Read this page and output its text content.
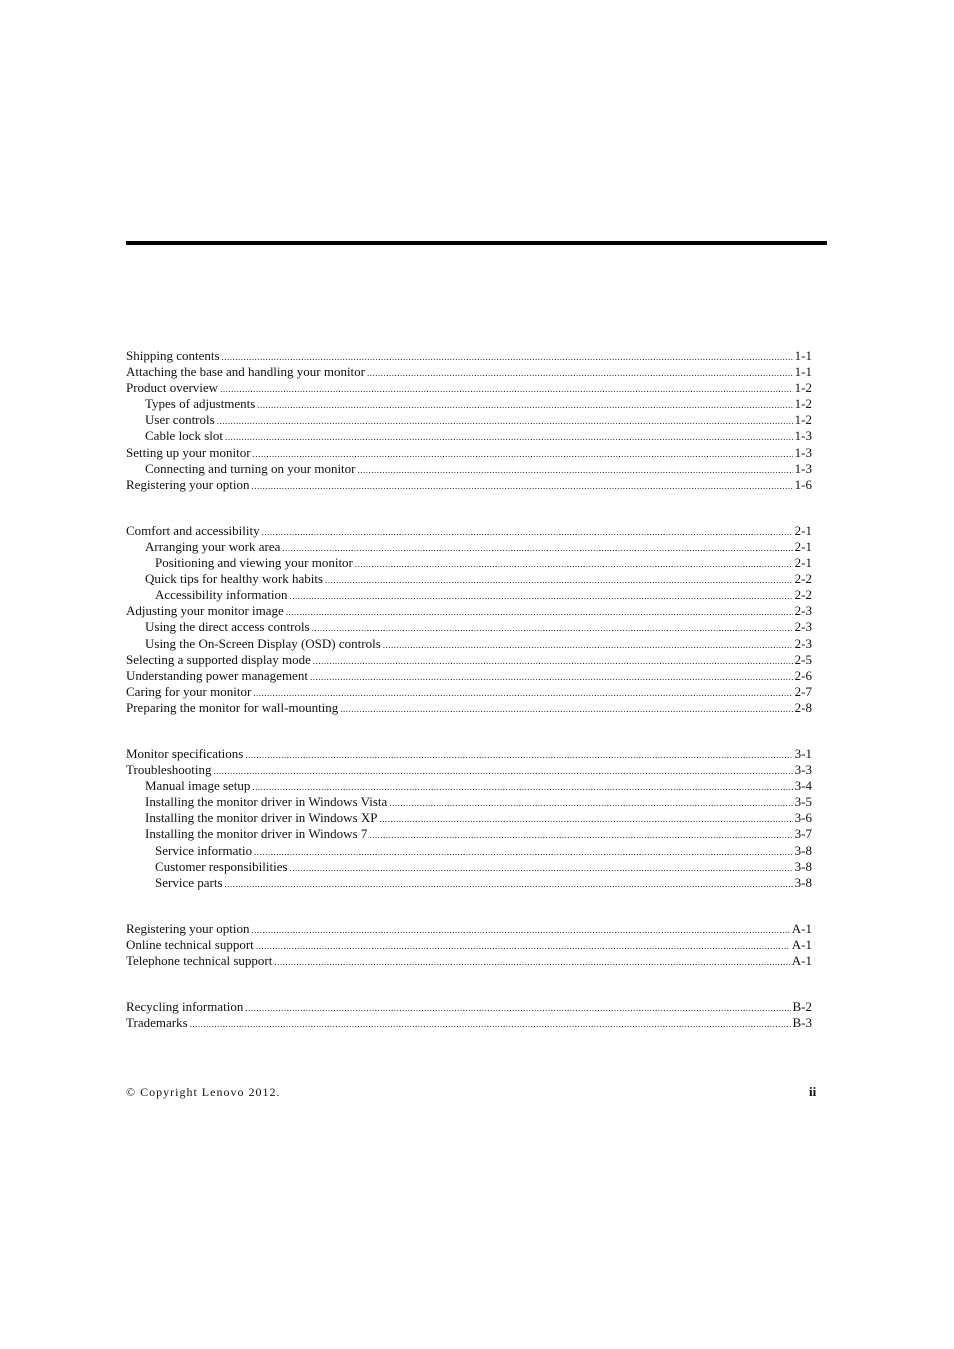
Shipping contents .....	1-1
Attaching the base and handling your monitor .....	1-1
Product overview .....	1-2
Types of adjustments .....	1-2
User controls .....	1-2
Cable lock slot .....	1-3
Setting up your monitor .....	1-3
Connecting and turning on your monitor .....	1-3
Registering your option .....	1-6
Comfort and accessibility .....	2-1
Arranging your work area .....	2-1
Positioning and viewing your monitor .....	2-1
Quick tips for healthy work habits .....	2-2
Accessibility information .....	2-2
Adjusting your monitor image .....	2-3
Using the direct access controls .....	2-3
Using the On-Screen Display (OSD) controls .....	2-3
Selecting a supported display mode .....	2-5
Understanding power management .....	2-6
Caring for your monitor .....	2-7
Preparing the monitor for wall-mounting .....	2-8
Monitor specifications .....	3-1
Troubleshooting .....	3-3
Manual image setup .....	3-4
Installing the monitor driver in Windows Vista .....	3-5
Installing the monitor driver in Windows XP .....	3-6
Installing the monitor driver in Windows 7 .....	3-7
Service informatio .....	3-8
Customer responsibilities .....	3-8
Service parts .....	3-8
Registering your option .....	A-1
Online technical support .....	A-1
Telephone technical support .....	A-1
Recycling information .....	B-2
Trademarks .....	B-3
© Copyright Lenovo 2012.	ii
